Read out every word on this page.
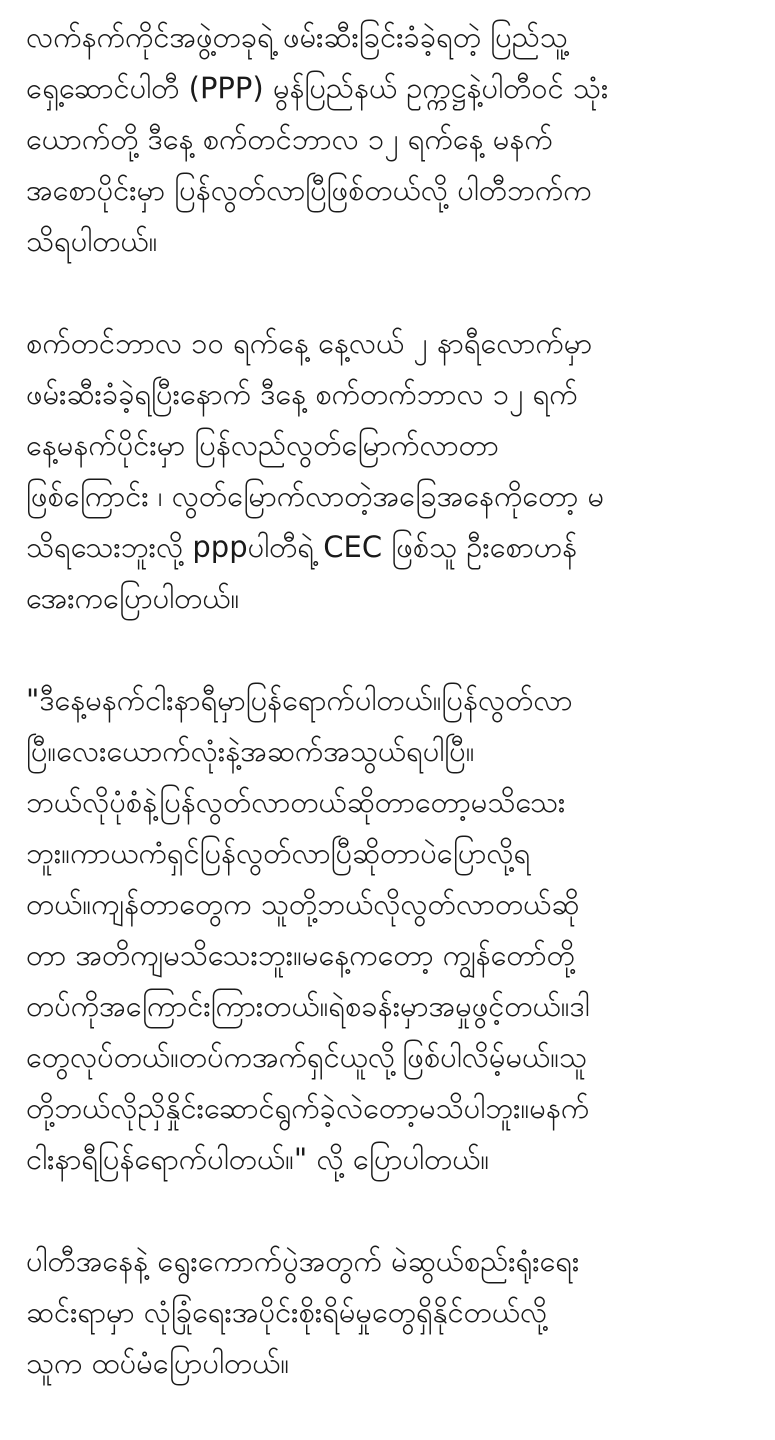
လက်နက်ကိုင်အဖွဲ့တခုရဲ့ ဖမ်းဆီးခြင်းခံခဲ့ရတဲ့ ပြည်သူ့
ရှေ့ဆောင်ပါတီ (PPP) မွန်ပြည်နယ် ဥက္ကဋ္ဌနဲ့ပါတီဝင် သုံး
ယောက်တို့ ဒီနေ့ စက်တင်ဘာလ ၁၂ ရက်နေ့ မနက်
အစောပိုင်းမှာ ပြန်လွတ်လာပြီဖြစ်တယ်လို့ ပါတီဘက်က
သိရပါတယ်။

စက်တင်ဘာလ ၁၀ ရက်နေ့ နေ့လယ် ၂ နာရီလောက်မှာ
ဖမ်းဆီးခံခဲ့ရပြီးနောက် ဒီနေ့ စက်တက်ဘာလ ၁၂ ရက်
နေ့မနက်ပိုင်းမှာ ပြန်လည်လွတ်မြောက်လာတာ
ဖြစ်ကြောင်း ၊ လွတ်မြောက်လာတဲ့အခြေအနေကိုတော့ မ
သိရသေးဘူးလို့ pppပါတီရဲ့ CEC ဖြစ်သူ ဦးစောဟန်
အေးကပြောပါတယ်။

"ဒီနေ့မနက်ငါးနာရီမှာပြန်ရောက်ပါတယ်။ပြန်လွတ်လာ
ပြီ။လေးယောက်လုံးနဲ့အဆက်အသွယ်ရပါပြီ။
ဘယ်လိုပုံစံနဲ့ပြန်လွတ်လာတယ်ဆိုတာတော့မသိသေး
ဘူး။ကာယကံရှင်ပြန်လွတ်လာပြီဆိုတာပဲပြောလို့ရ
တယ်။ကျန်တာတွေက သူတို့ဘယ်လိုလွတ်လာတယ်ဆို
တာ အတိကျမသိသေးဘူး။မနေ့ကတော့ ကျွန်တော်တို့
တပ်ကိုအကြောင်းကြားတယ်။ရဲစခန်းမှာအမှုဖွင့်တယ်။ဒါ
တွေလုပ်တယ်။တပ်ကအက်ရှင်ယူလို့ဖြစ်ပါလိမ့်မယ်။သူ
တို့ဘယ်လိုညှိနှိုင်းဆောင်ရွက်ခဲ့လဲတော့မသိပါဘူး။မနက်
ငါးနာရီပြန်ရောက်ပါတယ်။" လို့ ပြောပါတယ်။

ပါတီအနေနဲ့ ရွေးကောက်ပွဲအတွက် မဲဆွယ်စည်းရုံးရေး
ဆင်းရာမှာ လုံခြုံရေးအပိုင်းစိုးရိမ်မှုတွေရှိနိုင်တယ်လို့
သူက ထပ်မံပြောပါတယ်။
